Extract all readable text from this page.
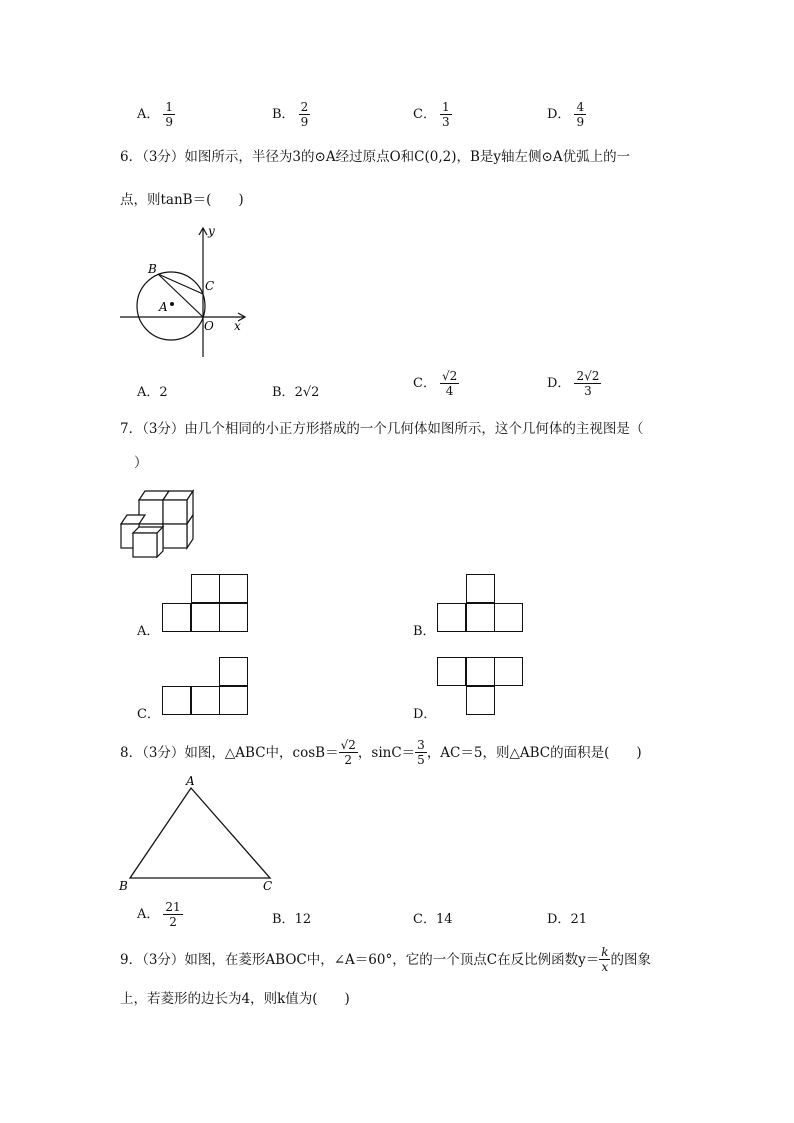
A． $\frac{1}{9}$	B． $\frac{2}{9}$	C． $\frac{1}{3}$	D． $\frac{4}{9}$
6．（3分）如图所示，半径为3的⊙A经过原点O和C(0,2)，B是y轴左侧⊙A优弧上的一
点，则tanB＝(　　)
y
x
B
C
A
O
A．2	B．2√2
C． $\frac{√2}{4}$	D． $\frac{2√2}{3}$
7．（3分）由几个相同的小正方形搭成的一个几何体如图所示，这个几何体的主视图是（
）
A．	B．
C．	D．
8．（3分）如图，△ABC中，$\cos B= \frac{√2}{2}$ ，$\sin C= \frac{3}{5}$ ，AC＝5，则△ABC的面积是(　　)
A
B	C
A． $\frac{21}{2}$	B．12	C．14	D．21
9．（3分）如图，在菱形ABOC中，∠A＝60°，它的一个顶点C在反比例函数$y= \frac{k}{x}$ 的图象
上，若菱形的边长为4，则k值为(　　)
